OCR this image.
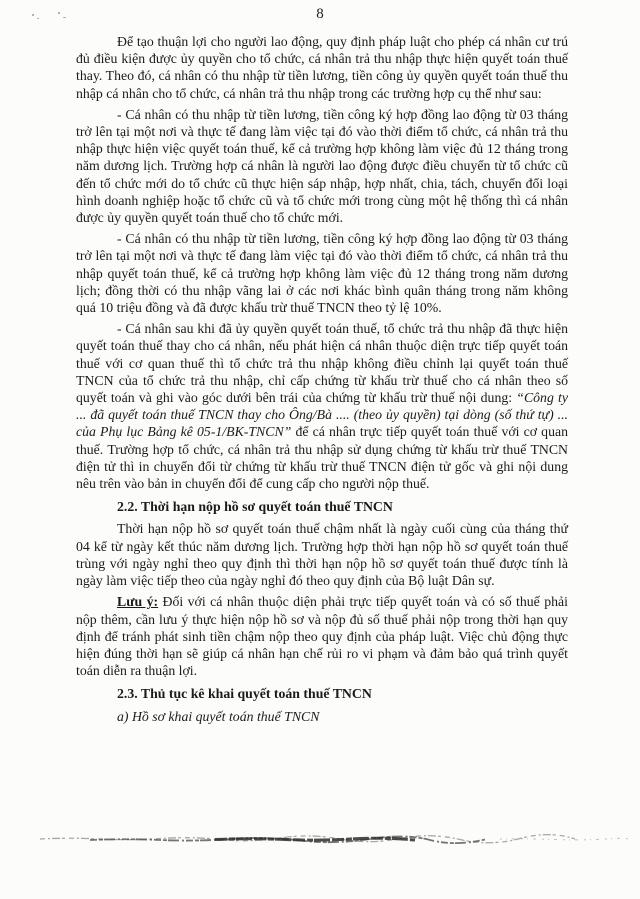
8

Để tạo thuận lợi cho người lao động, quy định pháp luật cho phép cá nhân cư trú đủ điều kiện được ủy quyền cho tổ chức, cá nhân trả thu nhập thực hiện quyết toán thuế thay. Theo đó, cá nhân có thu nhập từ tiền lương, tiền công ủy quyền quyết toán thuế thu nhập cá nhân cho tổ chức, cá nhân trả thu nhập trong các trường hợp cụ thể như sau:

- Cá nhân có thu nhập từ tiền lương, tiền công ký hợp đồng lao động từ 03 tháng trở lên tại một nơi và thực tế đang làm việc tại đó vào thời điểm tổ chức, cá nhân trả thu nhập thực hiện việc quyết toán thuế, kể cả trường hợp không làm việc đủ 12 tháng trong năm dương lịch. Trường hợp cá nhân là người lao động được điều chuyển từ tổ chức cũ đến tổ chức mới do tổ chức cũ thực hiện sáp nhập, hợp nhất, chia, tách, chuyển đổi loại hình doanh nghiệp hoặc tổ chức cũ và tổ chức mới trong cùng một hệ thống thì cá nhân được ủy quyền quyết toán thuế cho tổ chức mới.

- Cá nhân có thu nhập từ tiền lương, tiền công ký hợp đồng lao động từ 03 tháng trở lên tại một nơi và thực tế đang làm việc tại đó vào thời điểm tổ chức, cá nhân trả thu nhập quyết toán thuế, kể cả trường hợp không làm việc đủ 12 tháng trong năm dương lịch; đồng thời có thu nhập vãng lai ở các nơi khác bình quân tháng trong năm không quá 10 triệu đồng và đã được khấu trừ thuế TNCN theo tỷ lệ 10%.

- Cá nhân sau khi đã ủy quyền quyết toán thuế, tổ chức trả thu nhập đã thực hiện quyết toán thuế thay cho cá nhân, nếu phát hiện cá nhân thuộc diện trực tiếp quyết toán thuế với cơ quan thuế thì tổ chức trả thu nhập không điều chỉnh lại quyết toán thuế TNCN của tổ chức trả thu nhập, chỉ cấp chứng từ khấu trừ thuế cho cá nhân theo số quyết toán và ghi vào góc dưới bên trái của chứng từ khấu trừ thuế nội dung: “Công ty ... đã quyết toán thuế TNCN thay cho Ông/Bà .... (theo ủy quyền) tại dòng (số thứ tự) ... của Phụ lục Bảng kê 05-1/BK-TNCN” để cá nhân trực tiếp quyết toán thuế với cơ quan thuế. Trường hợp tổ chức, cá nhân trả thu nhập sử dụng chứng từ khấu trừ thuế TNCN điện tử thì in chuyển đổi từ chứng từ khấu trừ thuế TNCN điện tử gốc và ghi nội dung nêu trên vào bản in chuyển đổi để cung cấp cho người nộp thuế.

2.2. Thời hạn nộp hồ sơ quyết toán thuế TNCN

Thời hạn nộp hồ sơ quyết toán thuế chậm nhất là ngày cuối cùng của tháng thứ 04 kể từ ngày kết thúc năm dương lịch. Trường hợp thời hạn nộp hồ sơ quyết toán thuế trùng với ngày nghỉ theo quy định thì thời hạn nộp hồ sơ quyết toán thuế được tính là ngày làm việc tiếp theo của ngày nghỉ đó theo quy định của Bộ luật Dân sự.

Lưu ý: Đối với cá nhân thuộc diện phải trực tiếp quyết toán và có số thuế phải nộp thêm, cần lưu ý thực hiện nộp hồ sơ và nộp đủ số thuế phải nộp trong thời hạn quy định để tránh phát sinh tiền chậm nộp theo quy định của pháp luật. Việc chủ động thực hiện đúng thời hạn sẽ giúp cá nhân hạn chế rủi ro vi phạm và đảm bảo quá trình quyết toán diễn ra thuận lợi.

2.3. Thủ tục kê khai quyết toán thuế TNCN

a) Hồ sơ khai quyết toán thuế TNCN
